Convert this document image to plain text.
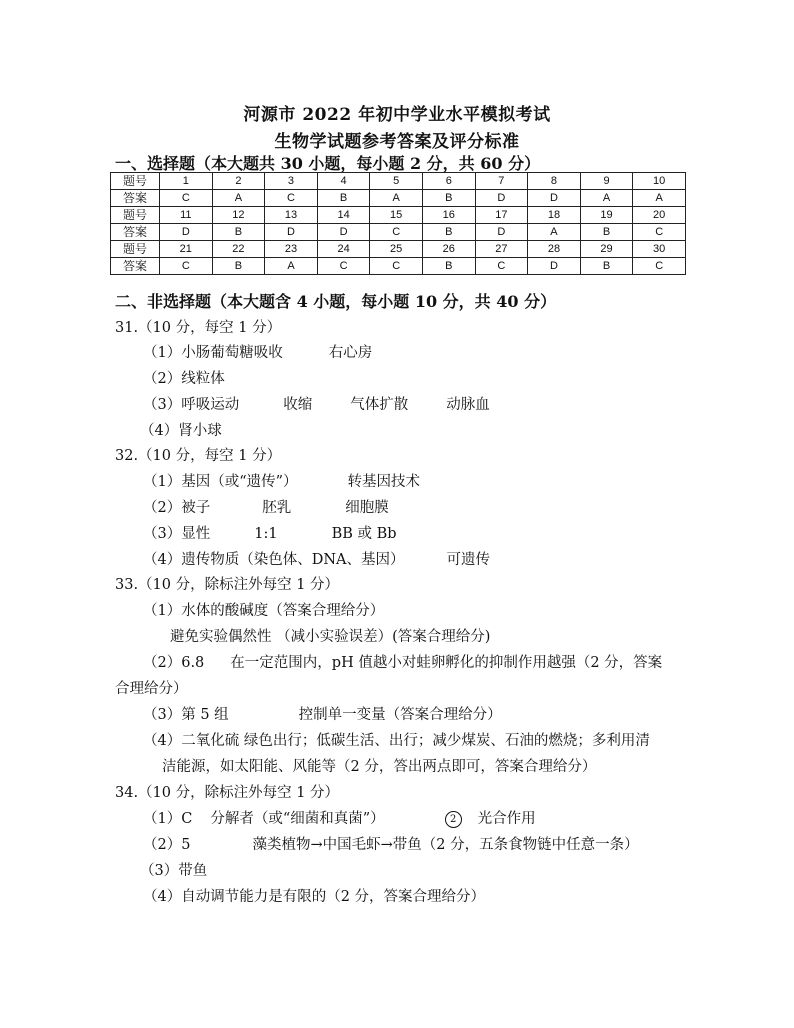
河源市 2022 年初中学业水平模拟考试
生物学试题参考答案及评分标准
一、选择题（本大题共 30 小题，每小题 2 分，共 60 分）
题号	1	2	3	4	5	6	7	8	9	10
答案	C	A	C	B	A	B	D	D	A	A
题号	11	12	13	14	15	16	17	18	19	20
答案	D	B	D	D	C	B	D	A	B	C
题号	21	22	23	24	25	26	27	28	29	30
答案	C	B	A	C	C	B	C	D	B	C
二、非选择题（本大题含 4 小题，每小题 10 分，共 40 分）
31.（10 分，每空 1 分）
（1）小肠葡萄糖吸收	右心房
（2）线粒体
（3）呼吸运动	收缩	气体扩散	动脉血
（4）肾小球
32.（10 分，每空 1 分）
（1）基因（或“遗传”）	转基因技术
（2）被子	胚乳	细胞膜
（3）显性	1:1	BB 或 Bb
（4）遗传物质（染色体、DNA、基因）	可遗传
33.（10 分，除标注外每空 1 分）
（1）水体的酸碱度（答案合理给分）
避免实验偶然性 （减小实验误差）(答案合理给分)
（2）6.8 在一定范围内，pH 值越小对蛙卵孵化的抑制作用越强（2 分，答案
合理给分）
（3）第 5 组	控制单一变量（答案合理给分）
（4）二氧化硫 绿色出行；低碳生活、出行；减少煤炭、石油的燃烧；多利用清
洁能源，如太阳能、风能等（2 分，答出两点即可，答案合理给分）
34.（10 分，除标注外每空 1 分）
（1）C 分解者（或“细菌和真菌”）	2 光合作用
（2）5	藻类植物→中国毛虾→带鱼（2 分，五条食物链中任意一条）
（3）带鱼
（4）自动调节能力是有限的（2 分，答案合理给分）
